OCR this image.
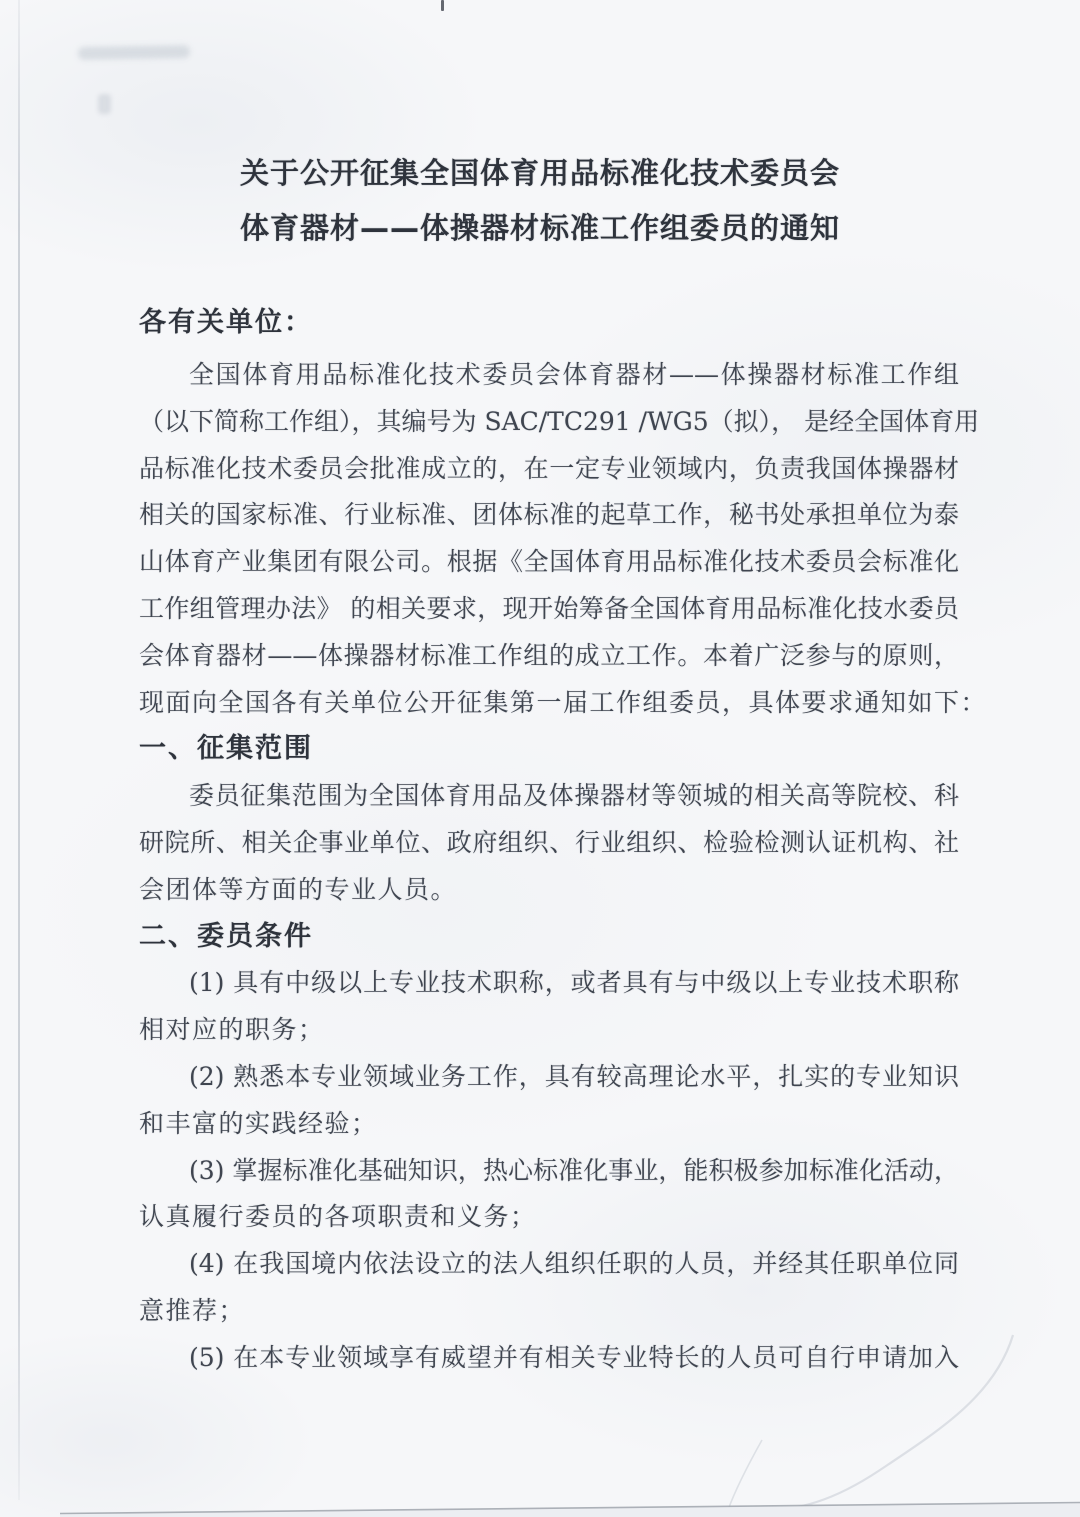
关于公开征集全国体育用品标准化技术委员会
体育器材——体操器材标准工作组委员的通知
各有关单位：
全国体育用品标准化技术委员会体育器材——体操器材标准工作组
（以下简称工作组），其编号为 SAC/TC291 /WG5（拟）， 是经全国体育用
品标准化技术委员会批准成立的，在一定专业领域内，负责我国体操器材
相关的国家标准、行业标准、团体标准的起草工作，秘书处承担单位为泰
山体育产业集团有限公司。根据《全国体育用品标准化技术委员会标准化
工作组管理办法》 的相关要求，现开始筹备全国体育用品标准化技水委员
会体育器材——体操器材标准工作组的成立工作。本着广泛参与的原则，
现面向全国各有关单位公开征集第一届工作组委员，具体要求通知如下：
一、征集范围
委员征集范围为全国体育用品及体操器材等领城的相关高等院校、科
研院所、相关企事业单位、政府组织、行业组织、检验检测认证机构、社
会团体等方面的专业人员。
二、委员条件
(1) 具有中级以上专业技术职称，或者具有与中级以上专业技术职称
相对应的职务；
(2) 熟悉本专业领域业务工作，具有较高理论水平，扎实的专业知识
和丰富的实践经验；
(3) 掌握标准化基础知识，热心标准化事业，能积极参加标准化活动，
认真履行委员的各项职责和义务；
(4) 在我国境内依法设立的法人组织任职的人员，并经其任职单位同
意推荐；
(5) 在本专业领域享有威望并有相关专业特长的人员可自行申请加入
